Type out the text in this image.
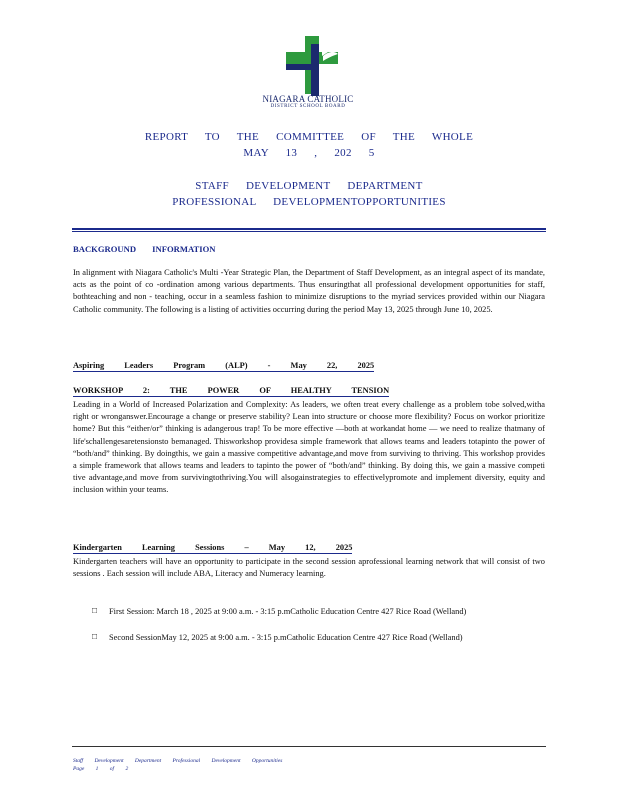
NIAGARA CATHOLIC
DISTRICT SCHOOL BOARD
REPORT TO THE COMMITTEE OF THE WHOLE
MAY 13 , 202 5
STAFF DEVELOPMENT DEPARTMENT
PROFESSIONAL DEVELOPMENTOPPORTUNITIES
BACKGROUND INFORMATION
In alignment with Niagara Catholic's Multi -Year Strategic Plan, the Department of Staff Development, as an integral aspect of its mandate, acts as the point of co -ordination among various departments. Thus ensuringthat all professional development opportunities for staff, bothteaching and non - teaching, occur in a seamless fashion to minimize disruptions to the myriad services provided within our Niagara Catholic community. The following is a listing of activities occurring during the period May 13, 2025 through June 10, 2025.
Aspiring Leaders Program (ALP) - May 22, 2025
WORKSHOP 2: THE POWER OF HEALTHY TENSION
Leading in a World of Increased Polarization and Complexity: As leaders, we often treat every challenge as a problem tobe solved,witha right or wronganswer.Encourage a change or preserve stability? Lean into structure or choose more flexibility? Focus on workor prioritize home? But this “either/or” thinking is adangerous trap! To be more effective —both at workandat home — we need to realize thatmany of life'schallengesaretensionsto bemanaged. Thisworkshop providesa simple framework that allows teams and leaders totapinto the power of “both/and” thinking. By doingthis, we gain a massive competitive advantage,and move from surviving to thriving. This workshop provides a simple framework that allows teams and leaders to tapinto the power of “both/and” thinking. By doing this, we gain a massive competi tive advantage,and move from survivingtothriving.You will alsogainstrategies to effectivelypromote and implement diversity, equity and inclusion within your teams.
Kindergarten Learning Sessions – May 12, 2025
Kindergarten teachers will have an opportunity to participate in the second session aprofessional learning network that will consist of two sessions . Each session will include ABA, Literacy and Numeracy learning.
□ First Session: March 18 , 2025 at 9:00 a.m. - 3:15 p.mCatholic Education Centre 427 Rice Road (Welland)
□ Second SessionMay 12, 2025 at 9:00 a.m. - 3:15 p.mCatholic Education Centre 427 Rice Road (Welland)
Staff Development Department Professional Development Opportunities
Page 1 of 2
